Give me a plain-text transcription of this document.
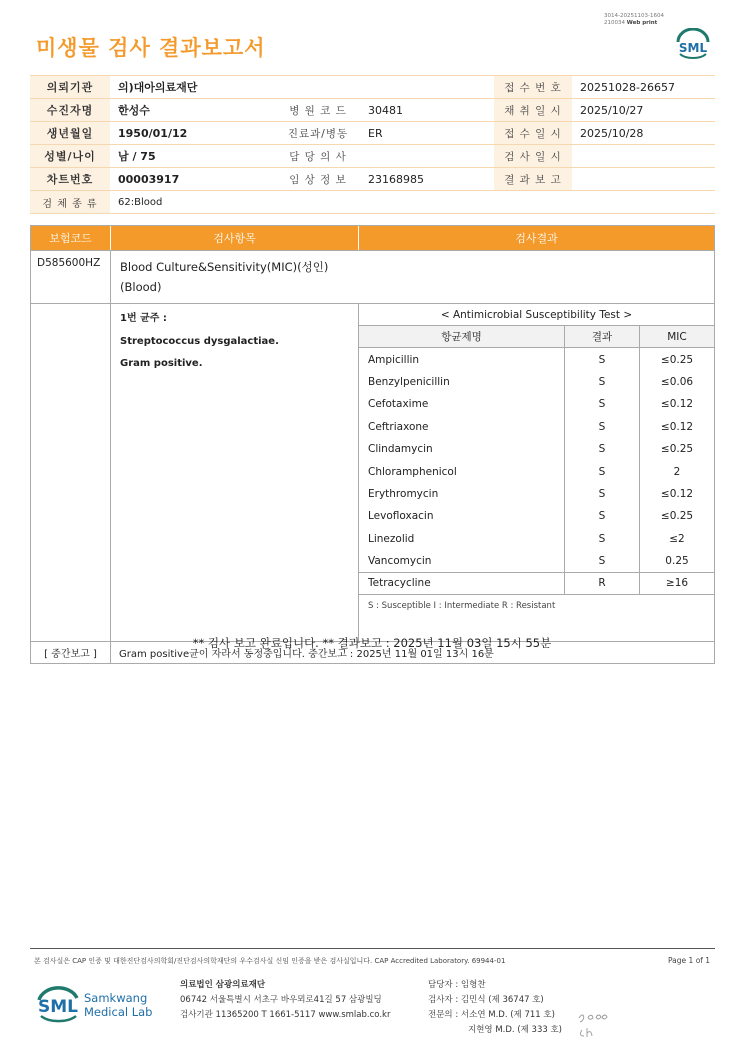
미생물 검사 결과보고서
3014-20251103-1604
210034 Web print
SML
의뢰기관	의)대아의료재단			접 수 번 호	20251028-26657
수진자명	한성수	병 원 코 드	30481	채 취 일 시	2025/10/27
생년월일	1950/01/12	진료과/병동	ER	접 수 일 시	2025/10/28
성별/나이	남 / 75	담 당 의 사		검 사 일 시	
차트번호	00003917	임 상 정 보	23168985	결 과 보 고	
검 체 종 류	62:Blood				
보험코드	검사항목	검사결과
D585600HZ	Blood Culture&Sensitivity(MIC)(성인)
(Blood)
1번 균주 :
Streptococcus dysgalactiae.
Gram positive.
< Antimicrobial Susceptibility Test >
항균제명	결과	MIC
Ampicillin	S	≤0.25
Benzylpenicillin	S	≤0.06
Cefotaxime	S	≤0.12
Ceftriaxone	S	≤0.12
Clindamycin	S	≤0.25
Chloramphenicol	S	2
Erythromycin	S	≤0.12
Levofloxacin	S	≤0.25
Linezolid	S	≤2
Vancomycin	S	0.25
Tetracycline	R	≥16
S : Susceptible I : Intermediate R : Resistant
[ 중간보고 ]	Gram positive균이 자라서 동정중입니다. 중간보고 : 2025년 11월 01일 13시 16분
** 검사 보고 완료입니다. ** 결과보고 : 2025년 11월 03일 15시 55분
본 검사실은 CAP 인증 및 대한진단검사의학회/진단검사의학재단의 우수검사실 신임 인증을 받은 검사실입니다. CAP Accredited Laboratory. 69944-01	Page 1 of 1
SML Samkwang
Medical Lab
의료법인 삼광의료재단
06742 서울특별시 서초구 바우뫼로41길 57 삼광빌딩
검사기관 11365200 T 1661-5117 www.smlab.co.kr
담당자 : 임형찬
검사자 : 김민식 (제 36747 호)
전문의 : 서소연 M.D. (제 711 호)
지현영 M.D. (제 333 호)
